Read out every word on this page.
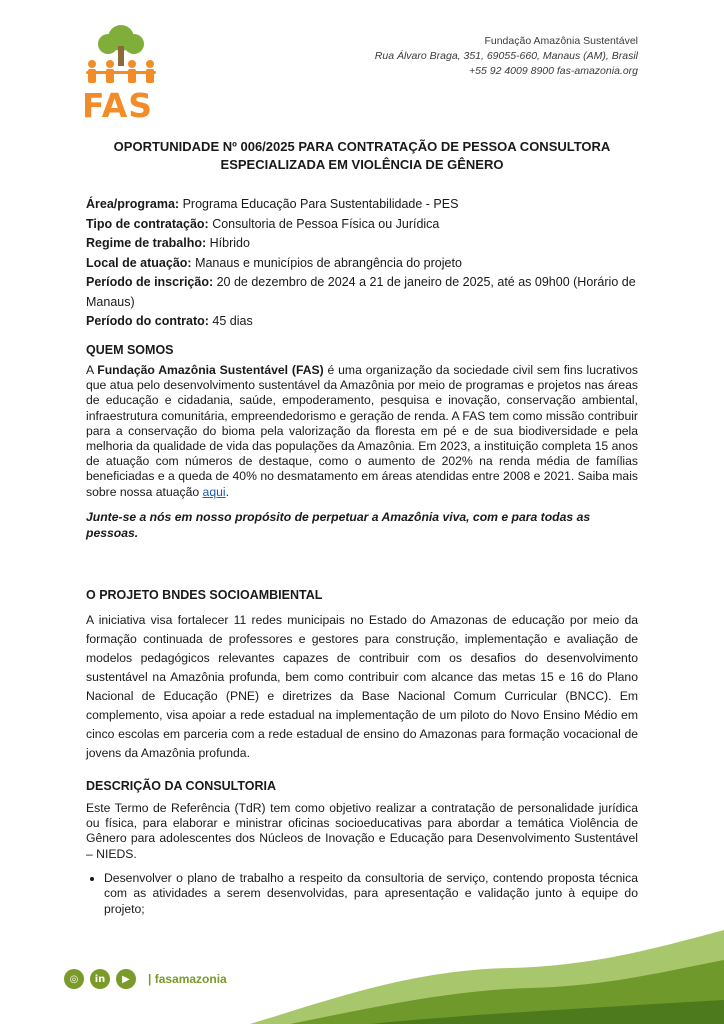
FAS
Fundação Amazônia Sustentável
Rua Álvaro Braga, 351, 69055-660, Manaus (AM), Brasil
+55 92 4009 8900 fas-amazonia.org
OPORTUNIDADE Nº 006/2025 PARA CONTRATAÇÃO DE PESSOA CONSULTORA
ESPECIALIZADA EM VIOLÊNCIA DE GÊNERO
Área/programa: Programa Educação Para Sustentabilidade - PES
Tipo de contratação: Consultoria de Pessoa Física ou Jurídica
Regime de trabalho: Híbrido
Local de atuação: Manaus e municípios de abrangência do projeto
Período de inscrição: 20 de dezembro de 2024 a 21 de janeiro de 2025, até as 09h00 (Horário de Manaus)
Período do contrato: 45 dias
QUEM SOMOS

A Fundação Amazônia Sustentável (FAS) é uma organização da sociedade civil sem fins lucrativos que atua pelo desenvolvimento sustentável da Amazônia por meio de programas e projetos nas áreas de educação e cidadania, saúde, empoderamento, pesquisa e inovação, conservação ambiental, infraestrutura comunitária, empreendedorismo e geração de renda. A FAS tem como missão contribuir para a conservação do bioma pela valorização da floresta em pé e de sua biodiversidade e pela melhoria da qualidade de vida das populações da Amazônia. Em 2023, a instituição completa 15 anos de atuação com números de destaque, como o aumento de 202% na renda média de famílias beneficiadas e a queda de 40% no desmatamento em áreas atendidas entre 2008 e 2021. Saiba mais sobre nossa atuação aqui.

Junte-se a nós em nosso propósito de perpetuar a Amazônia viva, com e para todas as pessoas.

O PROJETO BNDES SOCIOAMBIENTAL

A iniciativa visa fortalecer 11 redes municipais no Estado do Amazonas de educação por meio da formação continuada de professores e gestores para construção, implementação e avaliação de modelos pedagógicos relevantes capazes de contribuir com os desafios do desenvolvimento sustentável na Amazônia profunda, bem como contribuir com alcance das metas 15 e 16 do Plano Nacional de Educação (PNE) e diretrizes da Base Nacional Comum Curricular (BNCC). Em complemento, visa apoiar a rede estadual na implementação de um piloto do Novo Ensino Médio em cinco escolas em parceria com a rede estadual de ensino do Amazonas para formação vocacional de jovens da Amazônia profunda.

DESCRIÇÃO DA CONSULTORIA

Este Termo de Referência (TdR) tem como objetivo realizar a contratação de personalidade jurídica ou física, para elaborar e ministrar oficinas socioeducativas para abordar a temática Violência de Gênero para adolescentes dos Núcleos de Inovação e Educação para Desenvolvimento Sustentável – NIEDS.

• Desenvolver o plano de trabalho a respeito da consultoria de serviço, contendo proposta técnica com as atividades a serem desenvolvidas, para apresentação e validação junto à equipe do projeto;
◎	in	▶	| fasamazonia
